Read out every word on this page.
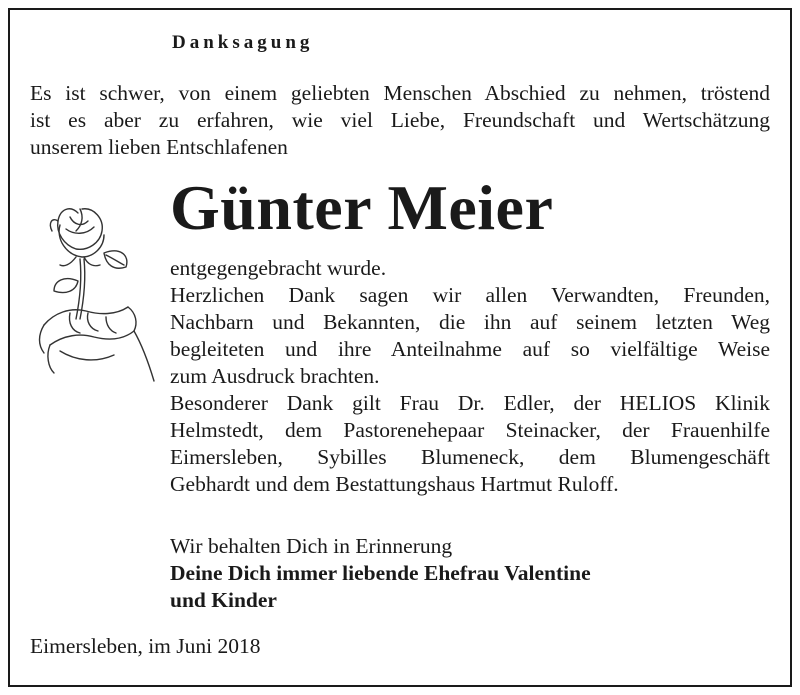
Danksagung

Es ist schwer, von einem geliebten Menschen Abschied zu nehmen, tröstend
ist es aber zu erfahren, wie viel Liebe, Freundschaft und Wertschätzung
unserem lieben Entschlafenen

Günter Meier

entgegengebracht wurde.
Herzlichen Dank sagen wir allen Verwandten, Freunden,
Nachbarn und Bekannten, die ihn auf seinem letzten Weg
begleiteten und ihre Anteilnahme auf so vielfältige Weise
zum Ausdruck brachten.
Besonderer Dank gilt Frau Dr. Edler, der HELIOS Klinik
Helmstedt, dem Pastorenehepaar Steinacker, der Frauenhilfe
Eimersleben, Sybilles Blumeneck, dem Blumengeschäft
Gebhardt und dem Bestattungshaus Hartmut Ruloff.

Wir behalten Dich in Erinnerung
Deine Dich immer liebende Ehefrau Valentine
und Kinder

Eimersleben, im Juni 2018
